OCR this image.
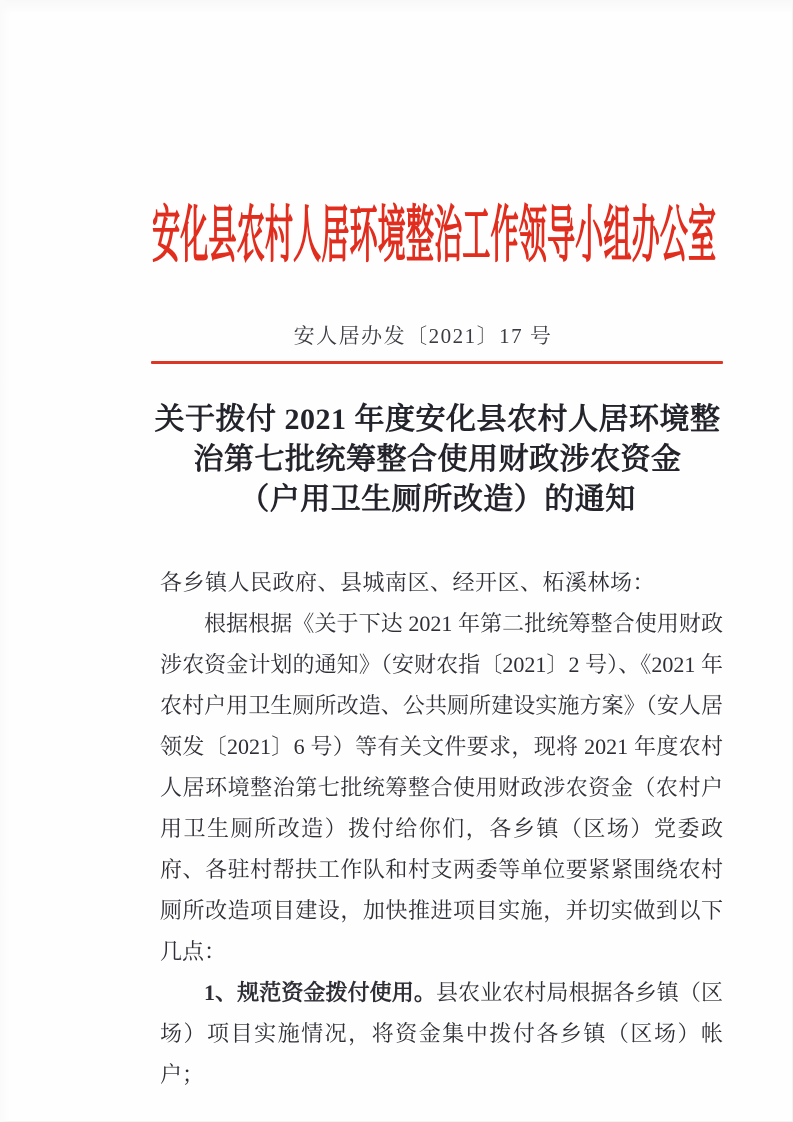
安化县农村人居环境整治工作领导小组办公室
安人居办发〔2021〕17 号
关于拨付 2021 年度安化县农村人居环境整
治第七批统筹整合使用财政涉农资金
（户用卫生厕所改造）的通知

各乡镇人民政府、县城南区、经开区、柘溪林场：

根据根据《关于下达 2021 年第二批统筹整合使用财政涉农资金计划的通知》（安财农指〔2021〕2 号）、《2021 年农村户用卫生厕所改造、公共厕所建设实施方案》（安人居领发〔2021〕6 号）等有关文件要求，现将 2021 年度农村人居环境整治第七批统筹整合使用财政涉农资金（农村户用卫生厕所改造）拨付给你们，各乡镇（区场）党委政府、各驻村帮扶工作队和村支两委等单位要紧紧围绕农村厕所改造项目建设，加快推进项目实施，并切实做到以下几点：

1、规范资金拨付使用。县农业农村局根据各乡镇（区场）项目实施情况，将资金集中拨付各乡镇（区场）帐户；
